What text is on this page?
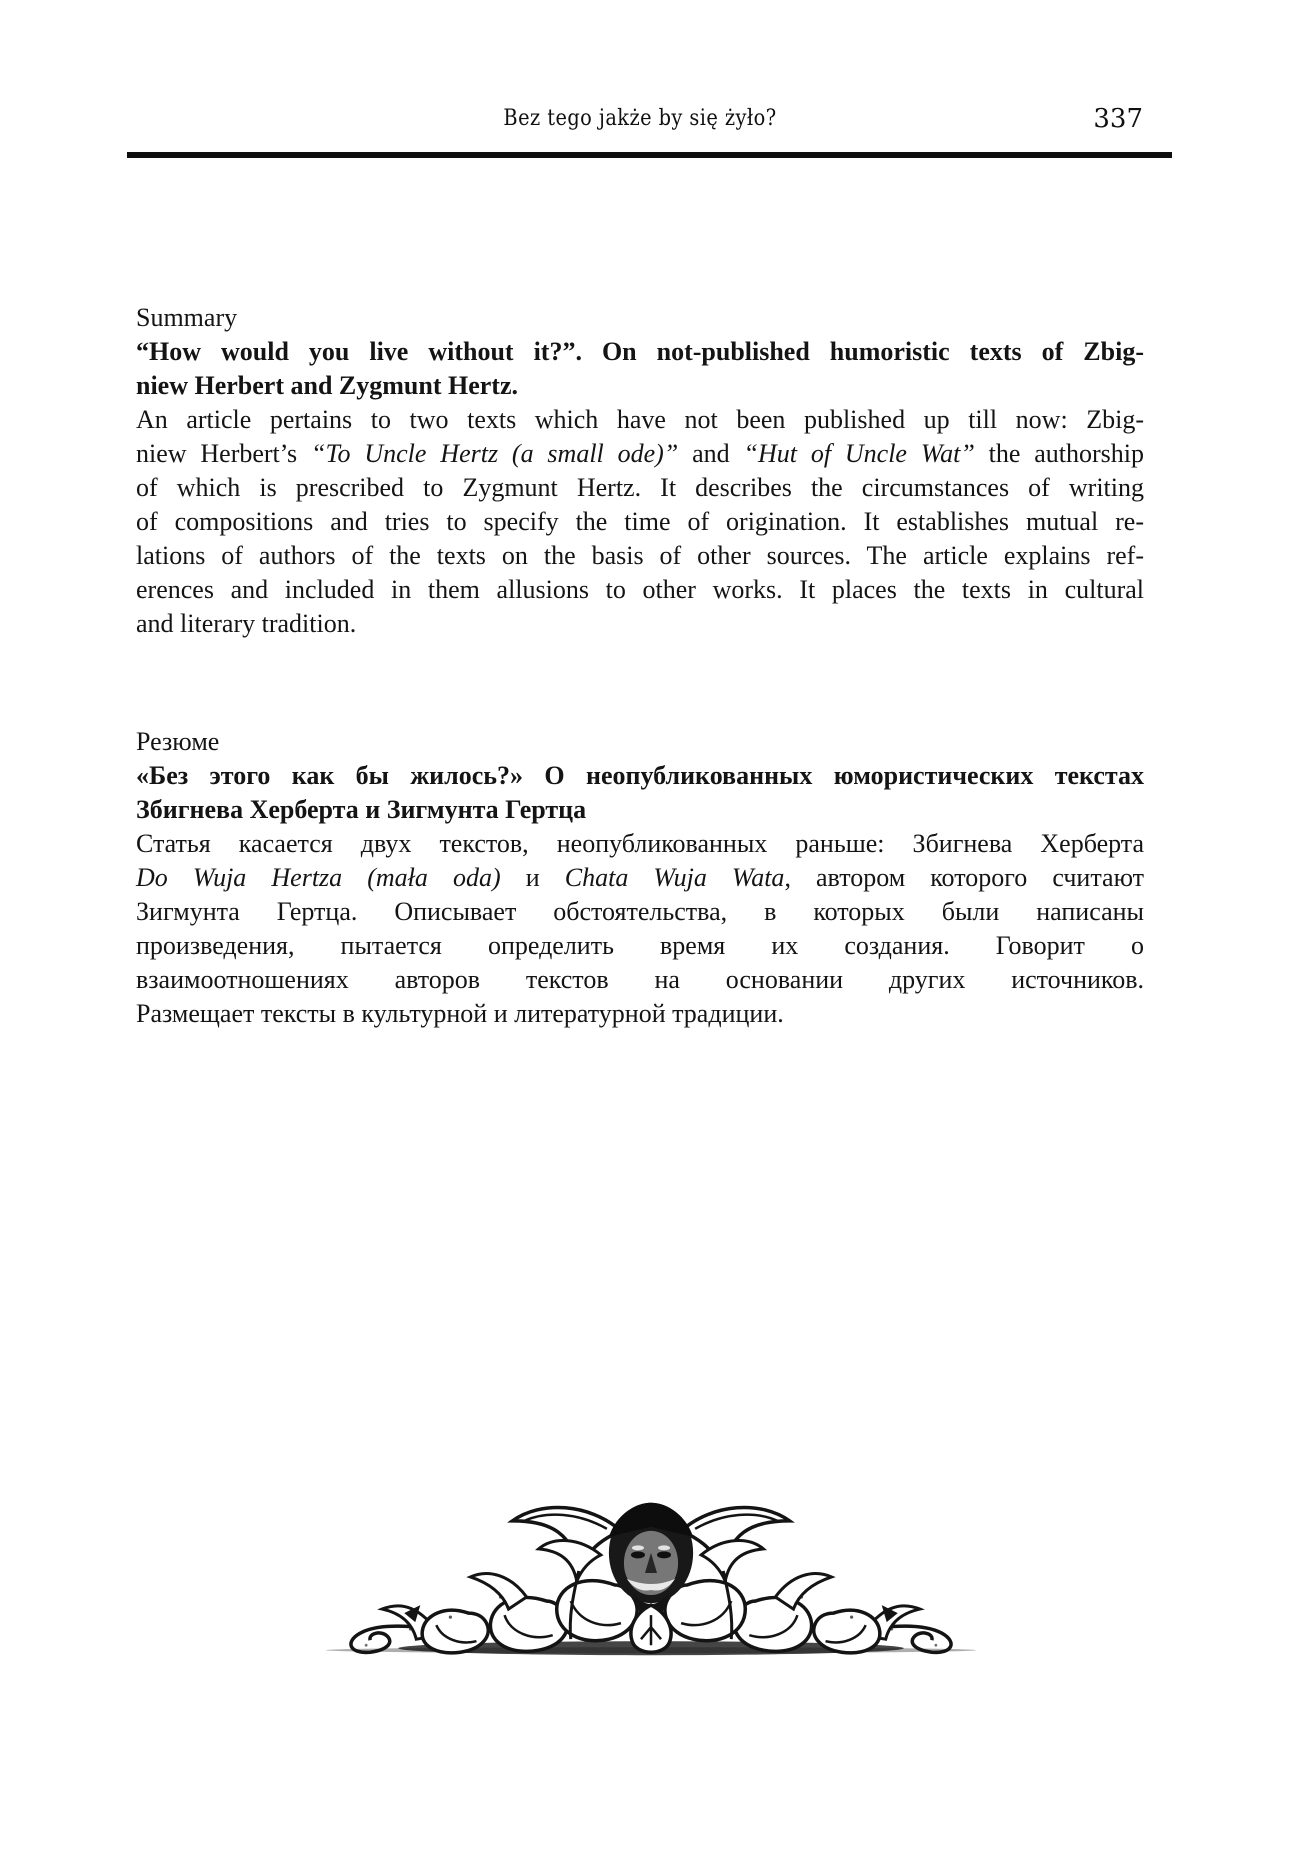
Bez tego jakże by się żyło?	337
Summary
“How would you live without it?”. On not-published humoristic texts of Zbig-
niew Herbert and Zygmunt Hertz.
An article pertains to two texts which have not been published up till now: Zbig-
niew Herbert’s “To Uncle Hertz (a small ode)” and “Hut of Uncle Wat” the authorship
of which is prescribed to Zygmunt Hertz. It describes the circumstances of writing
of compositions and tries to specify the time of origination. It establishes mutual re-
lations of authors of the texts on the basis of other sources. The article explains ref-
erences and included in them allusions to other works. It places the texts in cultural
and literary tradition.
Резюме
«Без этого как бы жилось?» О неопубликованных юмористических текстах
Збигнева Херберта и Зигмунта Гертца
Статья касается двух текстов, неопубликованных раньше: Збигнева Херберта
Do Wuja Hertza (mała oda) и Chata Wuja Wata, автором которого считают
Зигмунта Гертца. Описывает обстоятельства, в которых были написаны
произведения, пытается определить время их создания. Говорит о
взаимоотношениях авторов текстов на основании других источников.
Размещает тексты в культурной и литературной традиции.
